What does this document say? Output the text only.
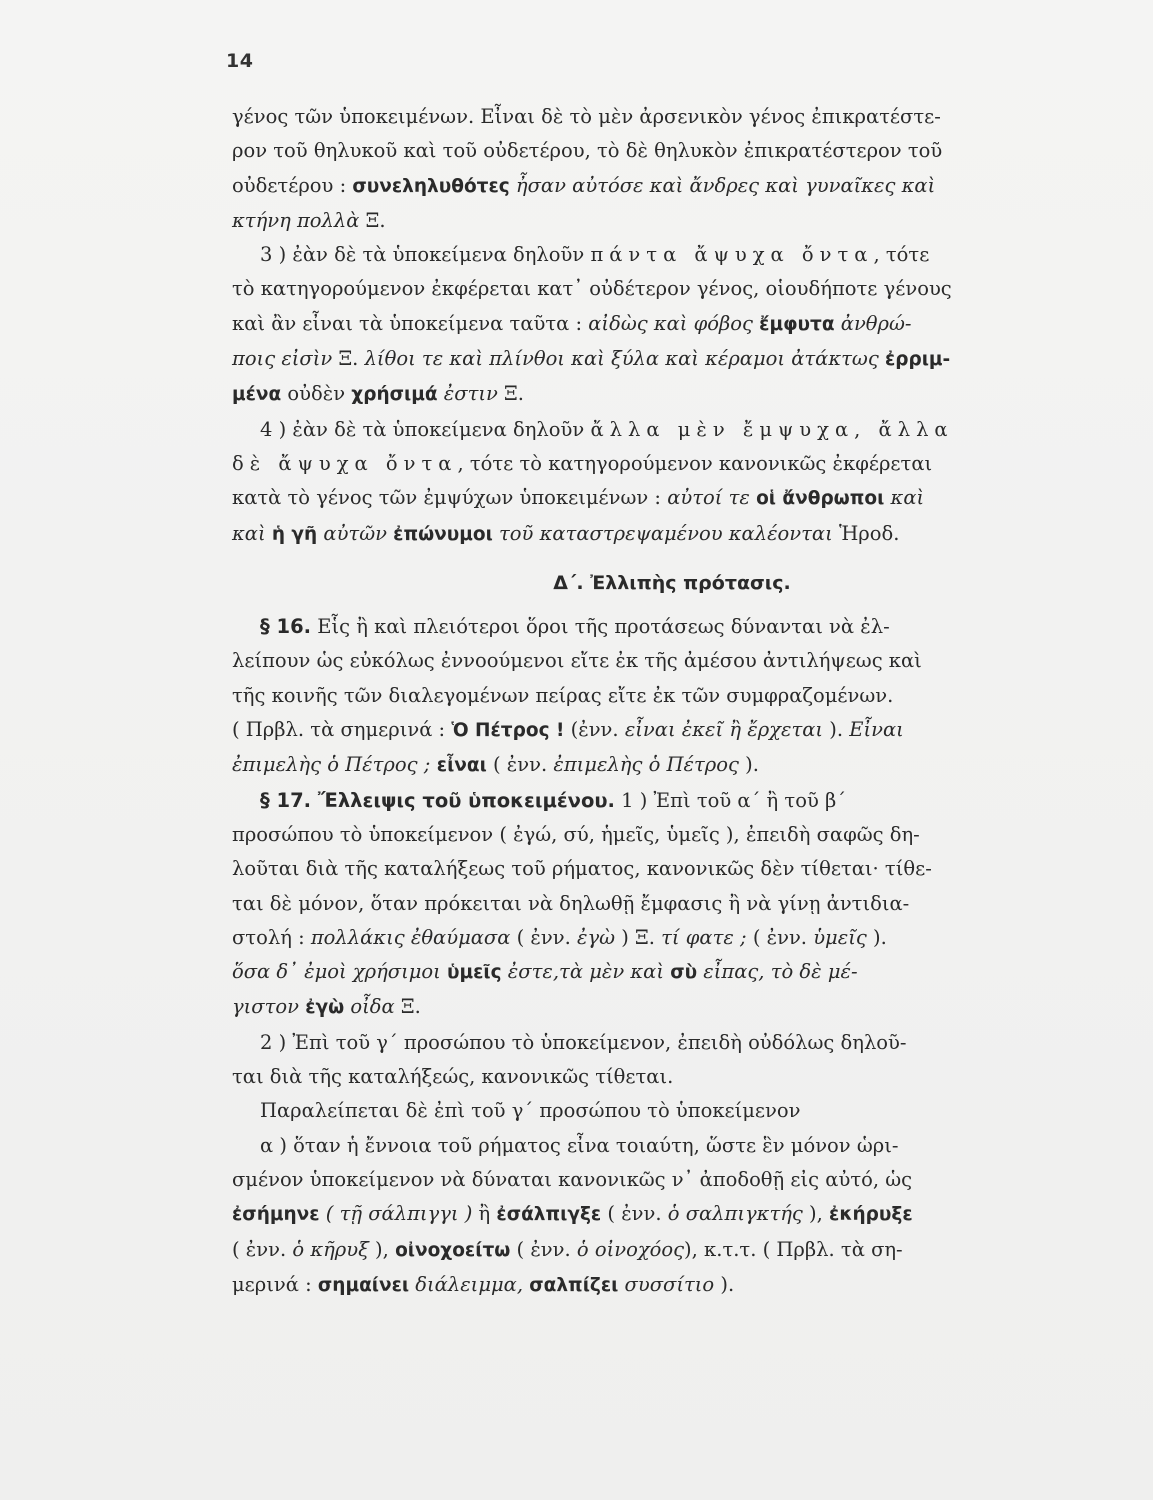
14

γένος τῶν ὑποκειμένων. Εἶναι δὲ τὸ μὲν ἀρσενικὸν γένος ἐπικρατέστε-
ρον τοῦ θηλυκοῦ καὶ τοῦ οὐδετέρου, τὸ δὲ θηλυκὸν ἐπικρατέστερον τοῦ
οὐδετέρου : συνεληλυθότες ἦσαν αὐτόσε καὶ ἄνδρες καὶ γυναῖκες καὶ
κτήνη πολλὰ Ξ.

3 ) ἐὰν δὲ τὰ ὑποκείμενα δηλοῦν πάντα ἄψυχα ὄντα, τότε
τὸ κατηγορούμενον ἐκφέρεται κατ᾿ οὐδέτερον γένος, οἱουδήποτε γένους
καὶ ἂν εἶναι τὰ ὑποκείμενα ταῦτα : αἰδὼς καὶ φόβος ἔμφυτα ἀνθρώ-
ποις εἰσὶν Ξ. λίθοι τε καὶ πλίνθοι καὶ ξύλα καὶ κέραμοι ἀτάκτως ἐρριμ-
μένα οὐδὲν χρήσιμά ἐστιν Ξ.

4 ) ἐὰν δὲ τὰ ὑποκείμενα δηλοῦν ἄλλα μὲν ἔμψυχα, ἄλλα
δὲ ἄψυχα ὄντα, τότε τὸ κατηγορούμενον κανονικῶς ἐκφέρεται
κατὰ τὸ γένος τῶν ἐμψύχων ὑποκειμένων : αὐτοί τε οἱ ἄνθρωποι καὶ
καὶ ἡ γῆ αὐτῶν ἐπώνυμοι τοῦ καταστρεψαμένου καλέονται Ἡροδ.

Δ΄. Ἐλλιπὴς πρότασις.

§ 16. Εἷς ἢ καὶ πλειότεροι ὅροι τῆς προτάσεως δύνανται νὰ ἐλ-
λείπουν ὡς εὐκόλως ἐννοούμενοι εἴτε ἐκ τῆς ἀμέσου ἀντιλήψεως καὶ
τῆς κοινῆς τῶν διαλεγομένων πείρας εἴτε ἐκ τῶν συμφραζομένων.
( Πρβλ. τὰ σημερινά : Ὁ Πέτρος ! (ἐνν. εἶναι ἐκεῖ ἢ ἔρχεται ). Εἶναι
ἐπιμελὴς ὁ Πέτρος ; εἶναι ( ἐνν. ἐπιμελὴς ὁ Πέτρος ).

§ 17. Ἔλλειψις τοῦ ὑποκειμένου. 1 ) Ἐπὶ τοῦ α΄ ἢ τοῦ β΄
προσώπου τὸ ὑποκείμενον ( ἐγώ, σύ, ἡμεῖς, ὑμεῖς ), ἐπειδὴ σαφῶς δη-
λοῦται διὰ τῆς καταλήξεως τοῦ ρήματος, κανονικῶς δὲν τίθεται· τίθε-
ται δὲ μόνον, ὅταν πρόκειται νὰ δηλωθῇ ἔμφασις ἢ νὰ γίνῃ ἀντιδια-
στολή : πολλάκις ἐθαύμασα ( ἐνν. ἐγὼ ) Ξ. τί φατε ; ( ἐνν. ὑμεῖς ).
ὅσα δ᾿ ἐμοὶ χρήσιμοι ὑμεῖς ἐστε,τὰ μὲν καὶ σὺ εἶπας, τὸ δὲ μέ-
γιστον ἐγὼ οἶδα Ξ.

2 ) Ἐπὶ τοῦ γ΄ προσώπου τὸ ὑποκείμενον, ἐπειδὴ οὐδόλως δηλοῦ-
ται διὰ τῆς καταλήξεώς, κανονικῶς τίθεται.

Παραλείπεται δὲ ἐπὶ τοῦ γ΄ προσώπου τὸ ὑποκείμενον

α ) ὅταν ἡ ἔννοια τοῦ ρήματος εἶνα τοιαύτη, ὥστε ἓν μόνον ὡρι-
σμένον ὑποκείμενον νὰ δύναται κανονικῶς ν᾿ ἀποδοθῇ εἰς αὐτό, ὡς
ἐσήμηνε ( τῇ σάλπιγγι ) ἢ ἐσάλπιγξε ( ἐνν. ὁ σαλπιγκτής ), ἐκήρυξε
( ἐνν. ὁ κῆρυξ ), οἰνοχοείτω ( ἐνν. ὁ οἰνοχόος), κ.τ.τ. ( Πρβλ. τὰ ση-
μερινά : σημαίνει διάλειμμα, σαλπίζει συσσίτιο ).
